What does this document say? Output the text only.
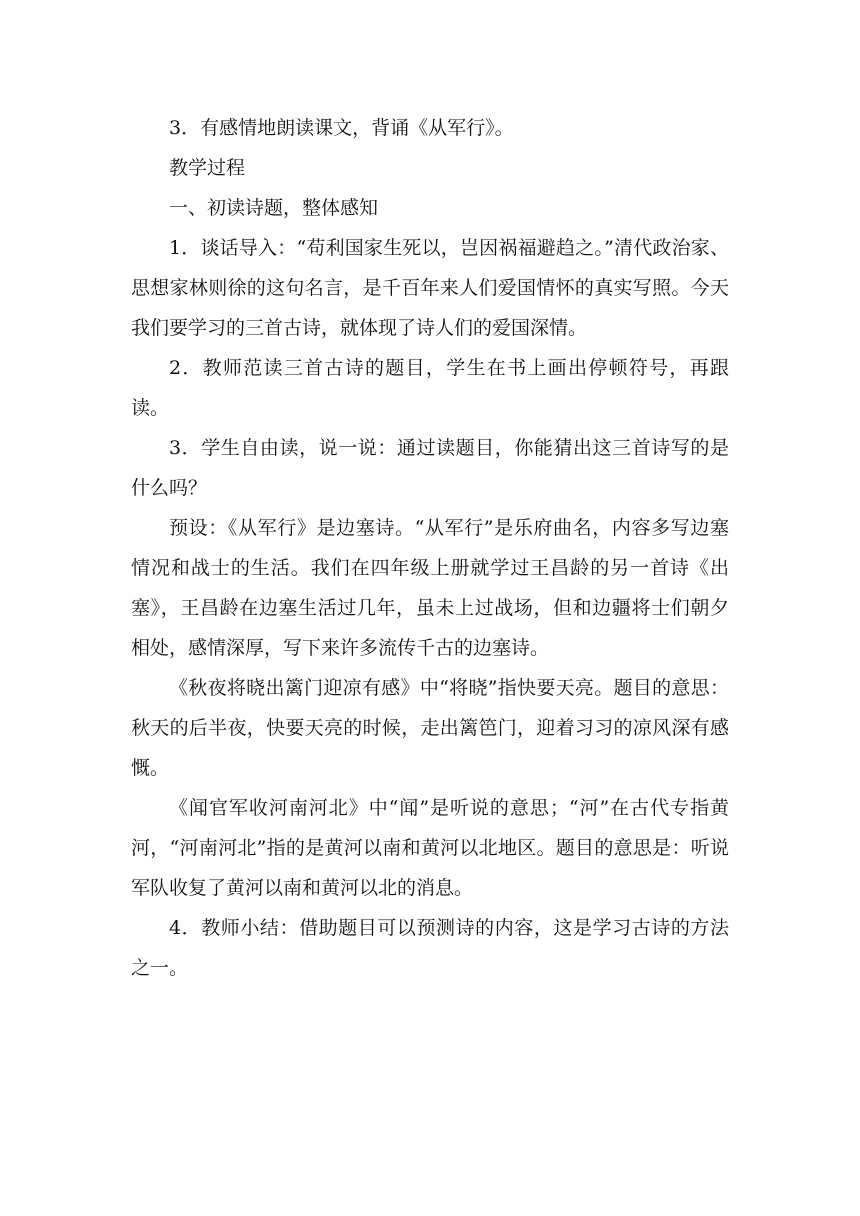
3．有感情地朗读课文，背诵《从军行》。

教学过程

一、初读诗题，整体感知

1．谈话导入：“苟利国家生死以，岂因祸福避趋之。”清代政治家、思想家林则徐的这句名言，是千百年来人们爱国情怀的真实写照。今天我们要学习的三首古诗，就体现了诗人们的爱国深情。

2．教师范读三首古诗的题目，学生在书上画出停顿符号，再跟读。

3．学生自由读，说一说：通过读题目，你能猜出这三首诗写的是什么吗？

预设：《从军行》是边塞诗。“从军行”是乐府曲名，内容多写边塞情况和战士的生活。我们在四年级上册就学过王昌龄的另一首诗《出塞》，王昌龄在边塞生活过几年，虽未上过战场，但和边疆将士们朝夕相处，感情深厚，写下来许多流传千古的边塞诗。

《秋夜将晓出篱门迎凉有感》中“将晓”指快要天亮。题目的意思：秋天的后半夜，快要天亮的时候，走出篱笆门，迎着习习的凉风深有感慨。

《闻官军收河南河北》中“闻”是听说的意思；“河”在古代专指黄河，“河南河北”指的是黄河以南和黄河以北地区。题目的意思是：听说军队收复了黄河以南和黄河以北的消息。

4．教师小结：借助题目可以预测诗的内容，这是学习古诗的方法之一。
